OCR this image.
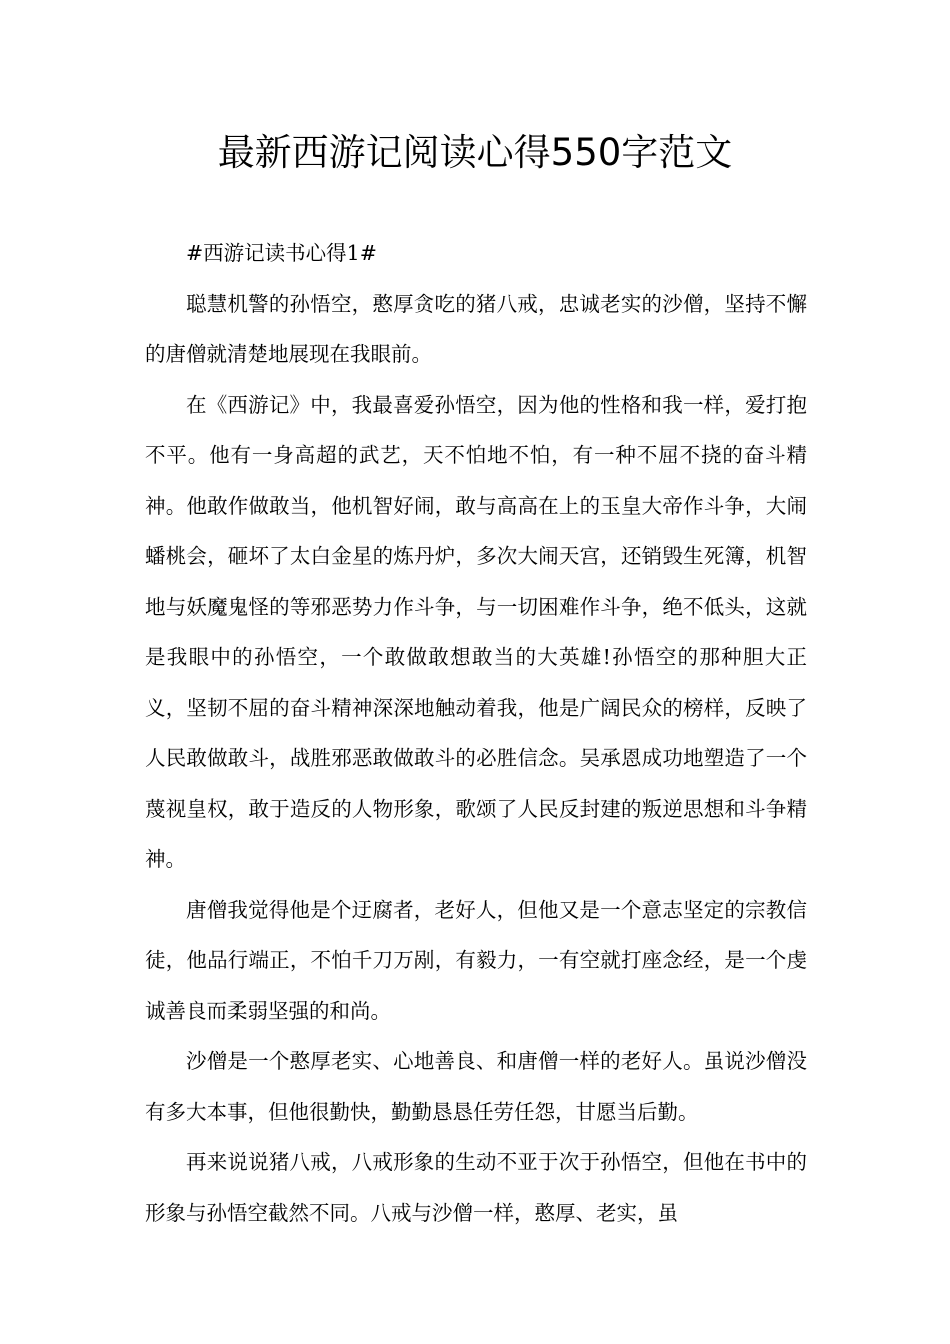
最新西游记阅读心得550字范文

#西游记读书心得1#

聪慧机警的孙悟空，憨厚贪吃的猪八戒，忠诚老实的沙僧，坚持不懈的唐僧就清楚地展现在我眼前。

在《西游记》中，我最喜爱孙悟空，因为他的性格和我一样，爱打抱不平。他有一身高超的武艺，天不怕地不怕，有一种不屈不挠的奋斗精神。他敢作做敢当，他机智好闹，敢与高高在上的玉皇大帝作斗争，大闹蟠桃会，砸坏了太白金星的炼丹炉，多次大闹天宫，还销毁生死簿，机智地与妖魔鬼怪的等邪恶势力作斗争，与一切困难作斗争，绝不低头，这就是我眼中的孙悟空，一个敢做敢想敢当的大英雄!孙悟空的那种胆大正义，坚韧不屈的奋斗精神深深地触动着我，他是广阔民众的榜样，反映了人民敢做敢斗，战胜邪恶敢做敢斗的必胜信念。吴承恩成功地塑造了一个蔑视皇权，敢于造反的人物形象，歌颂了人民反封建的叛逆思想和斗争精神。

唐僧我觉得他是个迂腐者，老好人，但他又是一个意志坚定的宗教信徒，他品行端正，不怕千刀万剐，有毅力，一有空就打座念经，是一个虔诚善良而柔弱坚强的和尚。

沙僧是一个憨厚老实、心地善良、和唐僧一样的老好人。虽说沙僧没有多大本事，但他很勤快，勤勤恳恳任劳任怨，甘愿当后勤。

再来说说猪八戒，八戒形象的生动不亚于次于孙悟空，但他在书中的形象与孙悟空截然不同。八戒与沙僧一样，憨厚、老实，虽
